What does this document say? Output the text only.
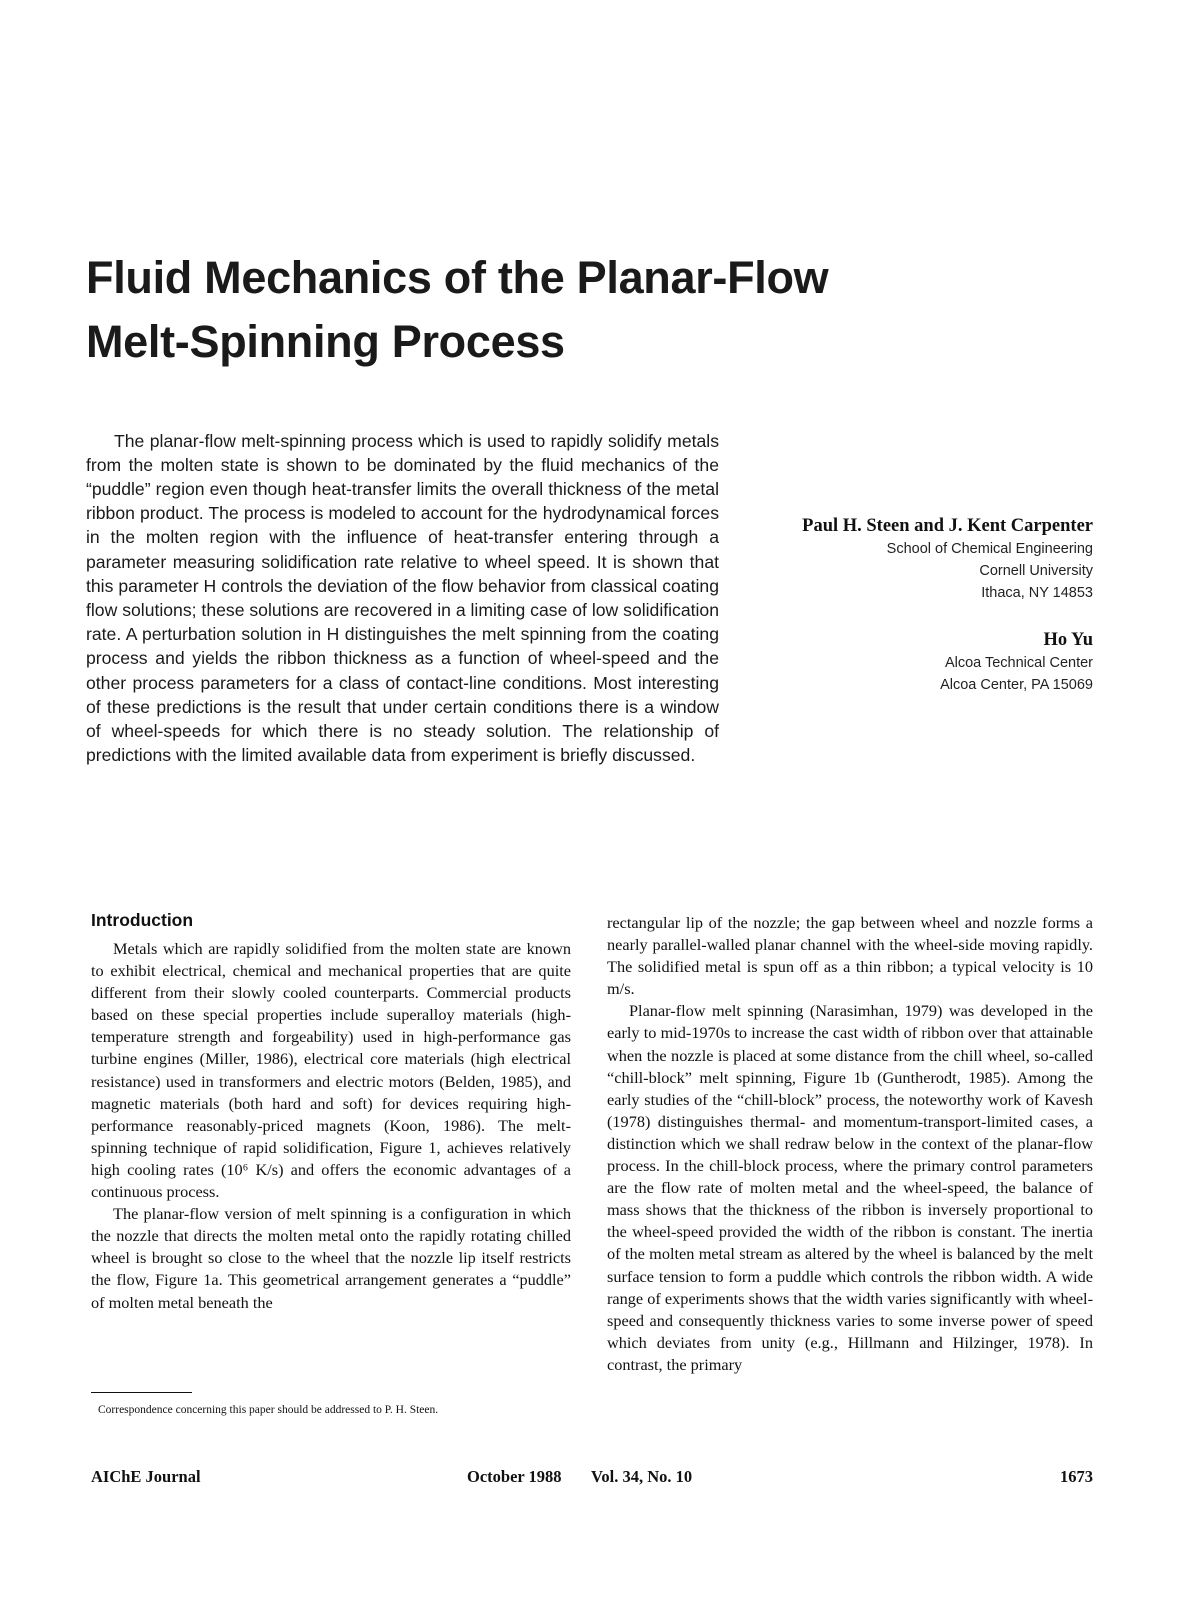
Fluid Mechanics of the Planar-Flow
Melt-Spinning Process

The planar-flow melt-spinning process which is used to rapidly solidify metals from the molten state is shown to be dominated by the fluid mechanics of the “puddle” region even though heat-transfer limits the overall thickness of the metal ribbon product. The process is modeled to account for the hydrodynamical forces in the molten region with the influence of heat-transfer entering through a parameter measuring solidification rate relative to wheel speed. It is shown that this parameter H controls the deviation of the flow behavior from classical coating flow solutions; these solutions are recovered in a limiting case of low solidification rate. A perturbation solution in H distinguishes the melt spinning from the coating process and yields the ribbon thickness as a function of wheel-speed and the other process parameters for a class of contact-line conditions. Most interesting of these predictions is the result that under certain conditions there is a window of wheel-speeds for which there is no steady solution. The relationship of predictions with the limited available data from experiment is briefly discussed.

Paul H. Steen and J. Kent Carpenter
School of Chemical Engineering
Cornell University
Ithaca, NY 14853
Ho Yu
Alcoa Technical Center
Alcoa Center, PA 15069
Introduction

Metals which are rapidly solidified from the molten state are known to exhibit electrical, chemical and mechanical properties that are quite different from their slowly cooled counterparts. Commercial products based on these special properties include superalloy materials (high-temperature strength and forgeability) used in high-performance gas turbine engines (Miller, 1986), electrical core materials (high electrical resistance) used in transformers and electric motors (Belden, 1985), and magnetic materials (both hard and soft) for devices requiring high-performance reasonably-priced magnets (Koon, 1986). The melt-spinning technique of rapid solidification, Figure 1, achieves relatively high cooling rates (10⁶ K/s) and offers the economic advantages of a continuous process.

The planar-flow version of melt spinning is a configuration in which the nozzle that directs the molten metal onto the rapidly rotating chilled wheel is brought so close to the wheel that the nozzle lip itself restricts the flow, Figure 1a. This geometrical arrangement generates a “puddle” of molten metal beneath the

rectangular lip of the nozzle; the gap between wheel and nozzle forms a nearly parallel-walled planar channel with the wheel-side moving rapidly. The solidified metal is spun off as a thin ribbon; a typical velocity is 10 m/s.

Planar-flow melt spinning (Narasimhan, 1979) was developed in the early to mid-1970s to increase the cast width of ribbon over that attainable when the nozzle is placed at some distance from the chill wheel, so-called “chill-block” melt spinning, Figure 1b (Guntherodt, 1985). Among the early studies of the “chill-block” process, the noteworthy work of Kavesh (1978) distinguishes thermal- and momentum-transport-limited cases, a distinction which we shall redraw below in the context of the planar-flow process. In the chill-block process, where the primary control parameters are the flow rate of molten metal and the wheel-speed, the balance of mass shows that the thickness of the ribbon is inversely proportional to the wheel-speed provided the width of the ribbon is constant. The inertia of the molten metal stream as altered by the wheel is balanced by the melt surface tension to form a puddle which controls the ribbon width. A wide range of experiments shows that the width varies significantly with wheel-speed and consequently thickness varies to some inverse power of speed which deviates from unity (e.g., Hillmann and Hilzinger, 1978). In contrast, the primary

Correspondence concerning this paper should be addressed to P. H. Steen.
AIChE Journal	October 1988 Vol. 34, No. 10	1673
